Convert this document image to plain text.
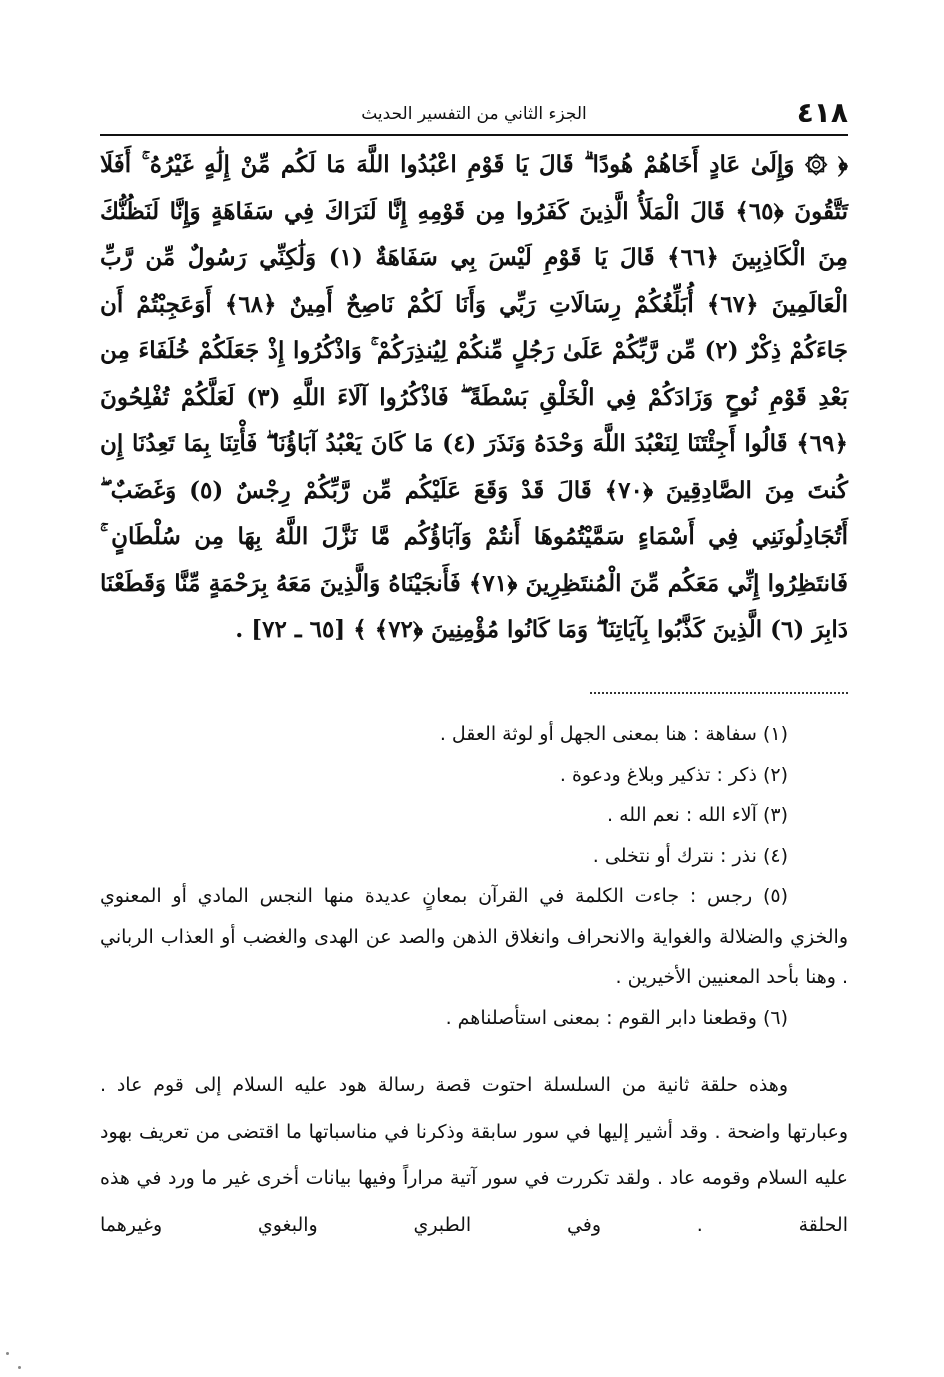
٤١٨
الجزء الثاني من التفسير الحديث
﴿ ۞ وَإِلَىٰ عَادٍ أَخَاهُمْ هُودًا ۗ قَالَ يَا قَوْمِ اعْبُدُوا اللَّهَ مَا لَكُم مِّنْ إِلَٰهٍ غَيْرُهُ ۚ أَفَلَا تَتَّقُونَ ﴿٦٥﴾ قَالَ الْمَلَأُ الَّذِينَ كَفَرُوا مِن قَوْمِهِ إِنَّا لَنَرَاكَ فِي سَفَاهَةٍ وَإِنَّا لَنَظُنُّكَ مِنَ الْكَاذِبِينَ ﴿٦٦﴾ قَالَ يَا قَوْمِ لَيْسَ بِي سَفَاهَةٌ (١) وَلَٰكِنِّي رَسُولٌ مِّن رَّبِّ الْعَالَمِينَ ﴿٦٧﴾ أُبَلِّغُكُمْ رِسَالَاتِ رَبِّي وَأَنَا لَكُمْ نَاصِحٌ أَمِينٌ ﴿٦٨﴾ أَوَعَجِبْتُمْ أَن جَاءَكُمْ ذِكْرٌ (٢) مِّن رَّبِّكُمْ عَلَىٰ رَجُلٍ مِّنكُمْ لِيُنذِرَكُمْ ۚ وَاذْكُرُوا إِذْ جَعَلَكُمْ خُلَفَاءَ مِن بَعْدِ قَوْمِ نُوحٍ وَزَادَكُمْ فِي الْخَلْقِ بَسْطَةً ۖ فَاذْكُرُوا آلَاءَ اللَّهِ (٣) لَعَلَّكُمْ تُفْلِحُونَ ﴿٦٩﴾ قَالُوا أَجِئْتَنَا لِنَعْبُدَ اللَّهَ وَحْدَهُ وَنَذَرَ (٤) مَا كَانَ يَعْبُدُ آبَاؤُنَا ۖ فَأْتِنَا بِمَا تَعِدُنَا إِن كُنتَ مِنَ الصَّادِقِينَ ﴿٧٠﴾ قَالَ قَدْ وَقَعَ عَلَيْكُم مِّن رَّبِّكُمْ رِجْسٌ (٥) وَغَضَبٌ ۖ أَتُجَادِلُونَنِي فِي أَسْمَاءٍ سَمَّيْتُمُوهَا أَنتُمْ وَآبَاؤُكُم مَّا نَزَّلَ اللَّهُ بِهَا مِن سُلْطَانٍ ۚ فَانتَظِرُوا إِنِّي مَعَكُم مِّنَ الْمُنتَظِرِينَ ﴿٧١﴾ فَأَنجَيْنَاهُ وَالَّذِينَ مَعَهُ بِرَحْمَةٍ مِّنَّا وَقَطَعْنَا دَابِرَ (٦) الَّذِينَ كَذَّبُوا بِآيَاتِنَا ۖ وَمَا كَانُوا مُؤْمِنِينَ ﴿٧٢﴾ ﴾ [٦٥ ـ ٧٢] .

(١) سفاهة : هنا بمعنى الجهل أو لوثة العقل .

(٢) ذكر : تذكير وبلاغ ودعوة .

(٣) آلاء الله : نعم الله .

(٤) نذر : نترك أو نتخلى .

(٥) رجس : جاءت الكلمة في القرآن بمعانٍ عديدة منها النجس المادي أو المعنوي والخزي والضلالة والغواية والانحراف وانغلاق الذهن والصد عن الهدى والغضب أو العذاب الرباني . وهنا بأحد المعنيين الأخيرين .

(٦) وقطعنا دابر القوم : بمعنى استأصلناهم .

وهذه حلقة ثانية من السلسلة احتوت قصة رسالة هود عليه السلام إلى قوم عاد . وعبارتها واضحة . وقد أشير إليها في سور سابقة وذكرنا في مناسباتها ما اقتضى من تعريف بهود عليه السلام وقومه عاد . ولقد تكررت في سور آتية مراراً وفيها بيانات أخرى غير ما ورد في هذه الحلقة . وفي الطبري والبغوي وغيرهما
